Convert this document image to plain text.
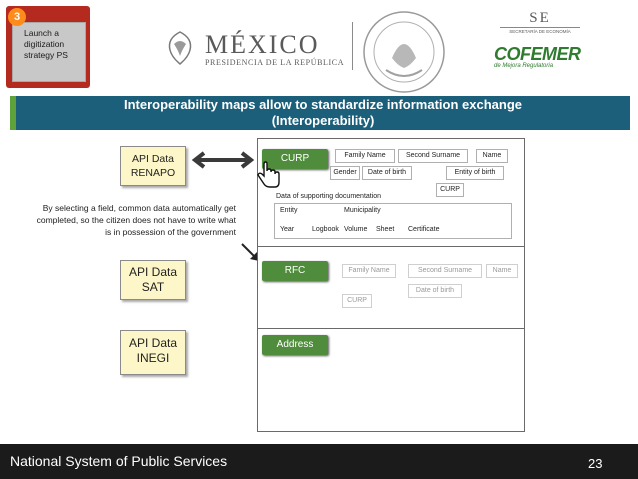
3
Launch a digitization strategy PS	MÉXICO
PRESIDENCIA DE LA REPÚBLICA
SE
SECRETARÍA DE ECONOMÍA
COFEMER
de Mejora Regulatoria
Interoperability maps allow to standardize information exchange
(Interoperability)
API Data
RENAPO
API Data
SAT
API Data
INEGI
By selecting a field, common data automatically get completed, so the citizen does not have to write what is in possession of the government
CURP	Family Name	Second Surname	Name
Gender	Date of birth	Entity of birth
CURP
Data of supporting documentation
Entity	Municipality
Year	Logbook Volume Sheet Certificate
RFC	Family Name	Second Surname	Name
Date of birth
CURP
Address
National System of Public Services	23
